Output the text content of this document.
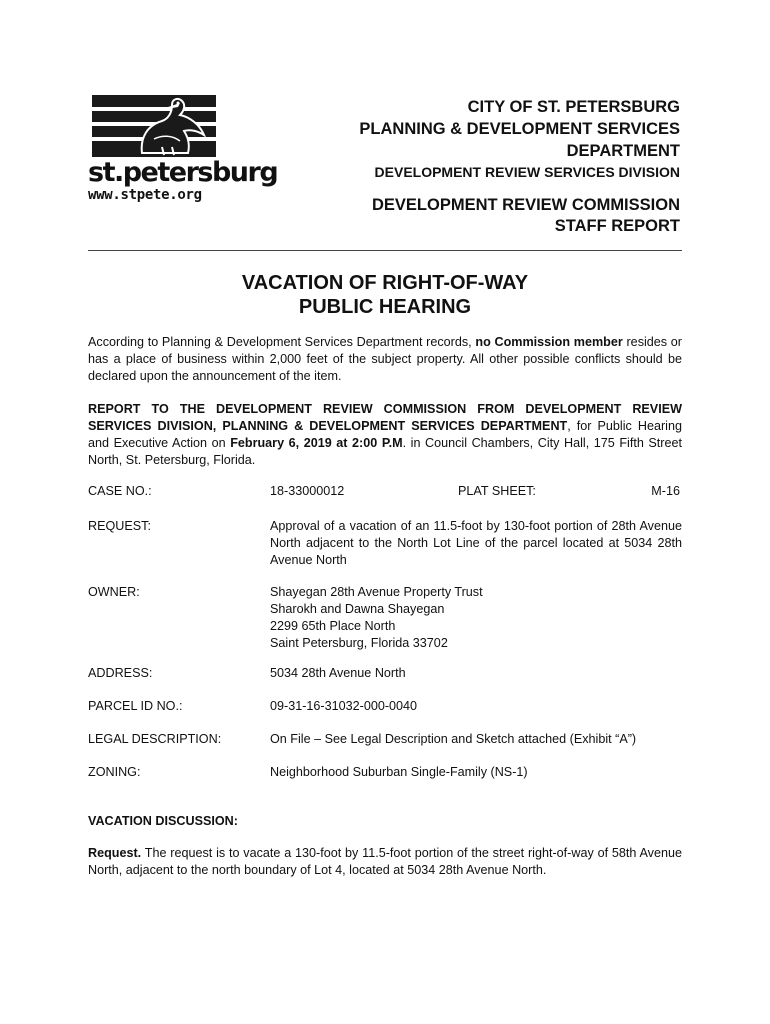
st.petersburg
www.stpete.org
CITY OF ST. PETERSBURG
PLANNING & DEVELOPMENT SERVICES
DEPARTMENT
DEVELOPMENT REVIEW SERVICES DIVISION
DEVELOPMENT REVIEW COMMISSION
STAFF REPORT
VACATION OF RIGHT-OF-WAY
PUBLIC HEARING
According to Planning & Development Services Department records, no Commission member resides or has a place of business within 2,000 feet of the subject property. All other possible conflicts should be declared upon the announcement of the item.
REPORT TO THE DEVELOPMENT REVIEW COMMISSION FROM DEVELOPMENT REVIEW SERVICES DIVISION, PLANNING & DEVELOPMENT SERVICES DEPARTMENT, for Public Hearing and Executive Action on February 6, 2019 at 2:00 P.M. in Council Chambers, City Hall, 175 Fifth Street North, St. Petersburg, Florida.
CASE NO.:	18-33000012	PLAT SHEET:	M-16
REQUEST:	Approval of a vacation of an 11.5-foot by 130-foot portion of 28th Avenue North adjacent to the North Lot Line of the parcel located at 5034 28th Avenue North
OWNER:	Shayegan 28th Avenue Property Trust
Sharokh and Dawna Shayegan
2299 65th Place North
Saint Petersburg, Florida 33702
ADDRESS:	5034 28th Avenue North
PARCEL ID NO.:	09-31-16-31032-000-0040
LEGAL DESCRIPTION:	On File – See Legal Description and Sketch attached (Exhibit “A”)
ZONING:	Neighborhood Suburban Single-Family (NS-1)
VACATION DISCUSSION:
Request. The request is to vacate a 130-foot by 11.5-foot portion of the street right-of-way of 58th Avenue North, adjacent to the north boundary of Lot 4, located at 5034 28th Avenue North.
